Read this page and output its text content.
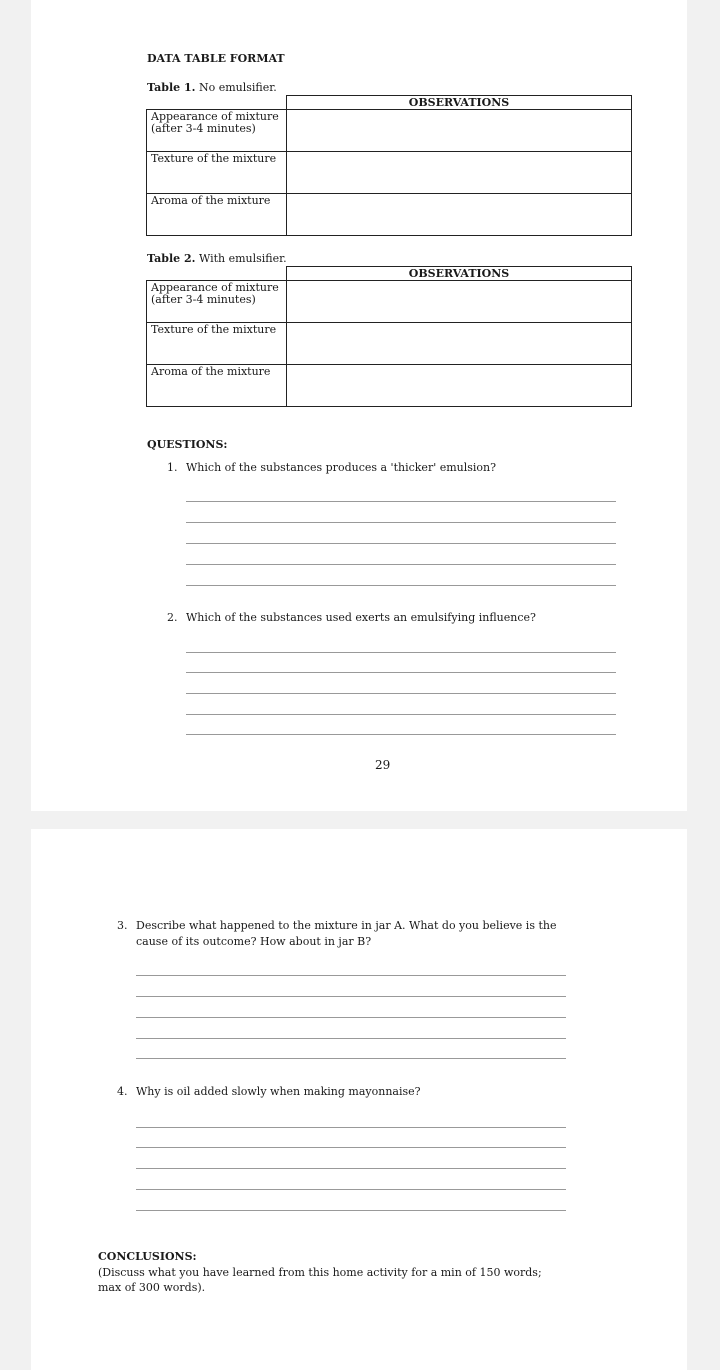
DATA TABLE FORMAT
Table 1. No emulsifier.
	OBSERVATIONS
Appearance of mixture (after 3-4 minutes)	
Texture of the mixture	
Aroma of the mixture	
Table 2. With emulsifier.
	OBSERVATIONS
Appearance of mixture (after 3-4 minutes)	
Texture of the mixture	
Aroma of the mixture	
QUESTIONS:
1. Which of the substances produces a 'thicker' emulsion?
2. Which of the substances used exerts an emulsifying influence?
29
3. Describe what happened to the mixture in jar A. What do you believe is the
cause of its outcome? How about in jar B?
4. Why is oil added slowly when making mayonnaise?
CONCLUSIONS:
(Discuss what you have learned from this home activity for a min of 150 words;
max of 300 words).
